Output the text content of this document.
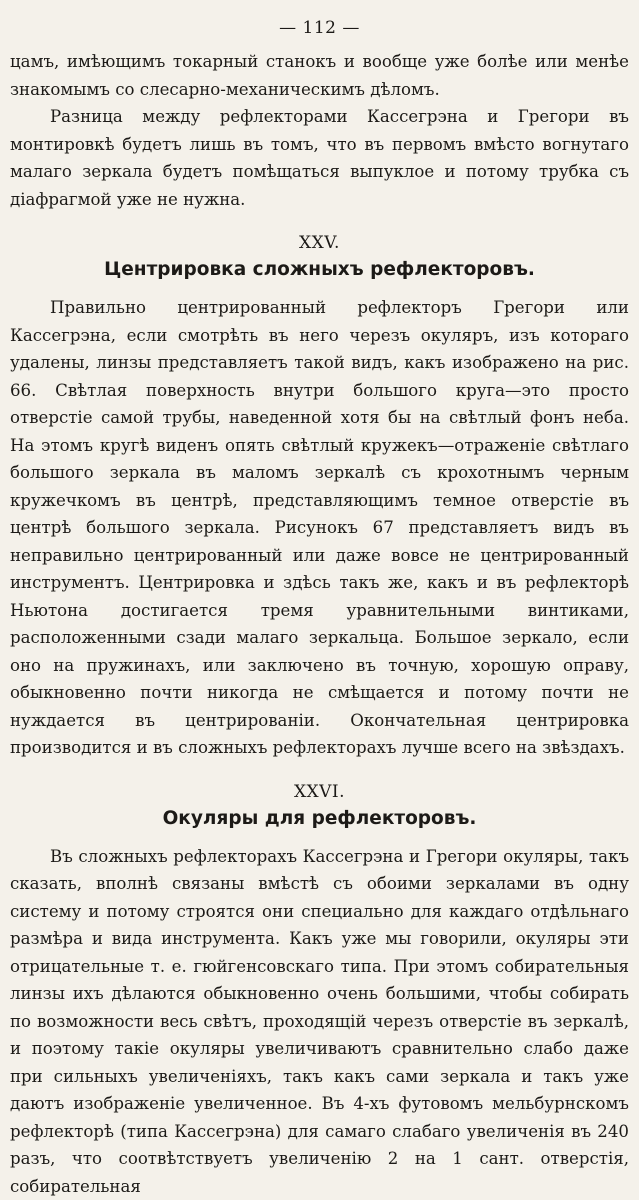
— 112 —

цамъ, имѣющимъ токарный станокъ и вообще уже болѣе или менѣе знакомымъ со слесарно-механическимъ дѣломъ.

Разница между рефлекторами Кассегрэна и Грегори въ монтировкѣ будетъ лишь въ томъ, что въ первомъ вмѣсто вогнутаго малаго зеркала будетъ помѣщаться выпуклое и потому трубка съ діафрагмой уже не нужна.

XXV.
Центрировка сложныхъ рефлекторовъ.

Правильно центрированный рефлекторъ Грегори или Кассегрэна, если смотрѣть въ него черезъ окуляръ, изъ котораго удалены, линзы представляетъ такой видъ, какъ изображено на рис. 66. Свѣтлая поверхность внутри большого круга—это просто отверстіе самой трубы, наведенной хотя бы на свѣтлый фонъ неба. На этомъ кругѣ виденъ опять свѣтлый кружекъ—отраженіе свѣтлаго большого зеркала въ маломъ зеркалѣ съ крохотнымъ черным кружечкомъ въ центрѣ, представляющимъ темное отверстіе въ центрѣ большого зеркала. Рисунокъ 67 представляетъ видъ въ неправильно центрированный или даже вовсе не центрированный инструментъ. Центрировка и здѣсь такъ же, какъ и въ рефлекторѣ Ньютона достигается тремя уравнительными винтиками, расположенными сзади малаго зеркальца. Большое зеркало, если оно на пружинахъ, или заключено въ точную, хорошую оправу, обыкновенно почти никогда не смѣщается и потому почти не нуждается въ центрированіи. Окончательная центрировка производится и въ сложныхъ рефлекторахъ лучше всего на звѣздахъ.

XXVI.
Окуляры для рефлекторовъ.

Въ сложныхъ рефлекторахъ Кассегрэна и Грегори окуляры, такъ сказать, вполнѣ связаны вмѣстѣ съ обоими зеркалами въ одну систему и потому строятся они специально для каждаго отдѣльнаго размѣра и вида инструмента. Какъ уже мы говорили, окуляры эти отрицательные т. е. гюйгенсовскаго типа. При этомъ собирательныя линзы ихъ дѣлаются обыкновенно очень большими, чтобы собирать по возможности весь свѣтъ, проходящій черезъ отверстіе въ зеркалѣ, и поэтому такіе окуляры увеличиваютъ сравнительно слабо даже при сильныхъ увеличеніяхъ, такъ какъ сами зеркала и такъ уже даютъ изображеніе увеличенное. Въ 4-хъ футовомъ мельбурнскомъ рефлекторѣ (типа Кассегрэна) для самаго слабаго увеличенія въ 240 разъ, что соотвѣтствуетъ увеличенію 2 на 1 сант. отверстія, собирательная
